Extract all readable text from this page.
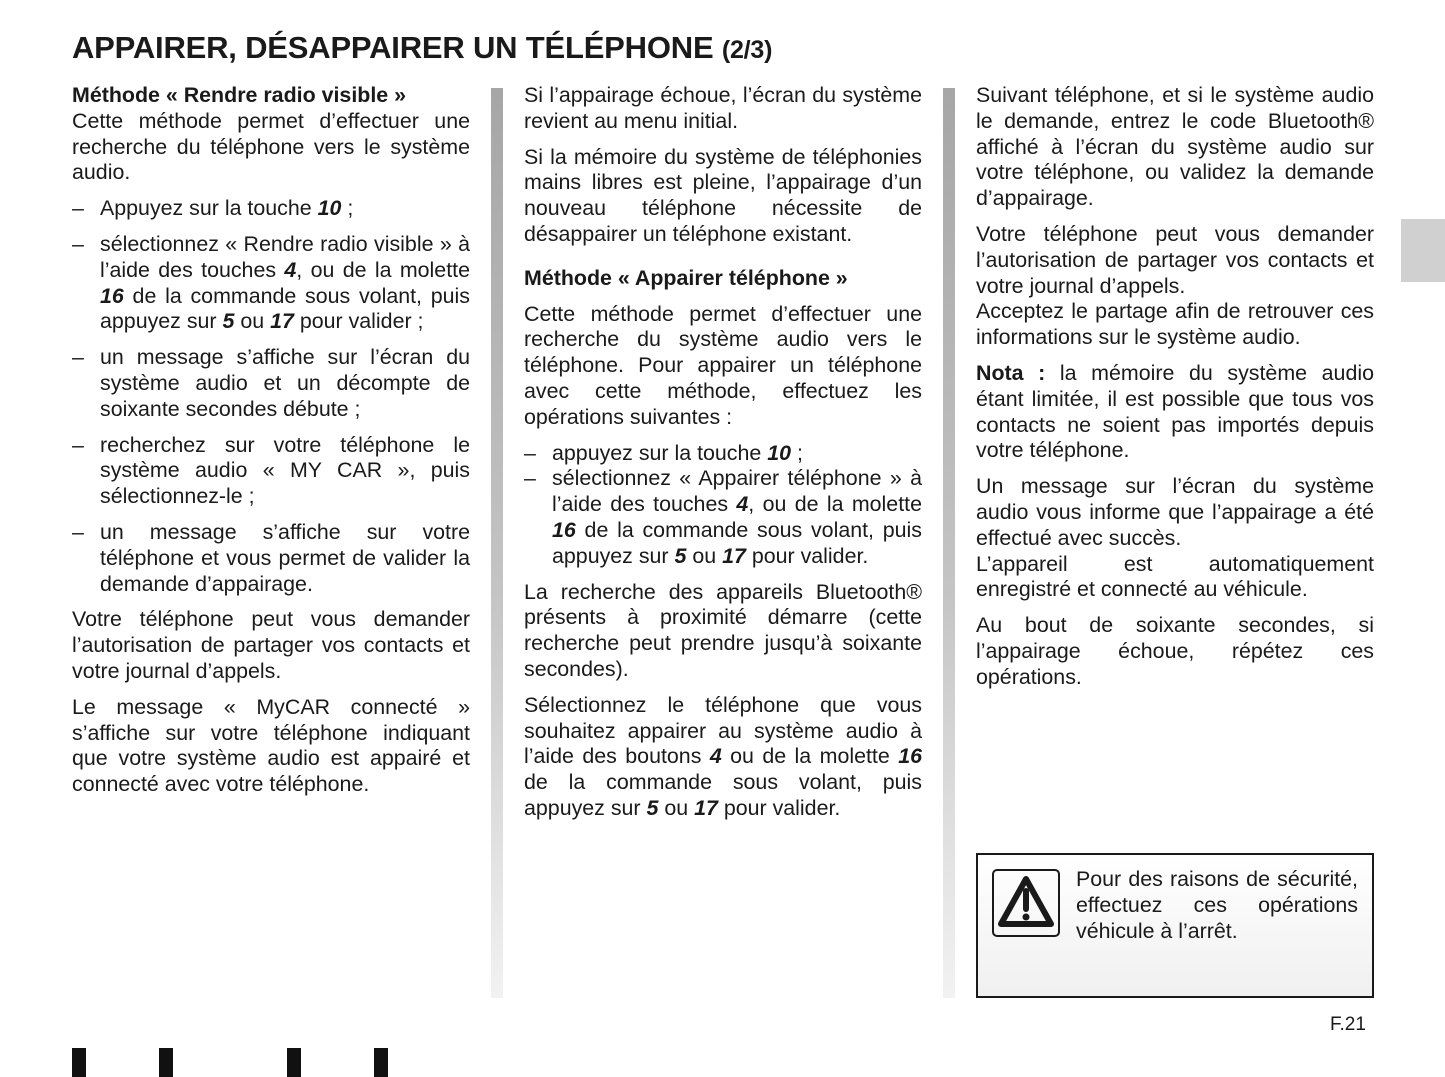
APPAIRER, DÉSAPPAIRER UN TÉLÉPHONE (2/3)
Méthode « Rendre radio visible »

Cette méthode permet d’effectuer une recherche du téléphone vers le système audio.

– Appuyez sur la touche 10 ;
– sélectionnez « Rendre radio visible » à l’aide des touches 4, ou de la molette 16 de la commande sous volant, puis appuyez sur 5 ou 17 pour valider ;
– un message s’affiche sur l’écran du système audio et un décompte de soixante secondes débute ;
– recherchez sur votre téléphone le système audio « MY CAR », puis sélectionnez-le ;
– un message s’affiche sur votre téléphone et vous permet de valider la demande d’appairage.

Votre téléphone peut vous demander l’autorisation de partager vos contacts et votre journal d’appels.

Le message « MyCAR connecté » s’affiche sur votre téléphone indiquant que votre système audio est appairé et connecté avec votre téléphone.

Si l’appairage échoue, l’écran du système revient au menu initial.

Si la mémoire du système de téléphonies mains libres est pleine, l’appairage d’un nouveau téléphone nécessite de désappairer un téléphone existant.

Méthode « Appairer téléphone »

Cette méthode permet d’effectuer une recherche du système audio vers le téléphone. Pour appairer un téléphone avec cette méthode, effectuez les opérations suivantes :

– appuyez sur la touche 10 ;
– sélectionnez « Appairer téléphone » à l’aide des touches 4, ou de la molette 16 de la commande sous volant, puis appuyez sur 5 ou 17 pour valider.

La recherche des appareils Bluetooth® présents à proximité démarre (cette recherche peut prendre jusqu’à soixante secondes).

Sélectionnez le téléphone que vous souhaitez appairer au système audio à l’aide des boutons 4 ou de la molette 16 de la commande sous volant, puis appuyez sur 5 ou 17 pour valider.

Suivant téléphone, et si le système audio le demande, entrez le code Bluetooth® affiché à l’écran du système audio sur votre téléphone, ou validez la demande d’appairage.

Votre téléphone peut vous demander l’autorisation de partager vos contacts et votre journal d’appels.
Acceptez le partage afin de retrouver ces informations sur le système audio.

Nota : la mémoire du système audio étant limitée, il est possible que tous vos contacts ne soient pas importés depuis votre téléphone.

Un message sur l’écran du système audio vous informe que l’appairage a été effectué avec succès.
L’appareil est automatiquement enregistré et connecté au véhicule.

Au bout de soixante secondes, si l’appairage échoue, répétez ces opérations.

Pour des raisons de sécurité, effectuez ces opérations véhicule à l’arrêt.
F.21
